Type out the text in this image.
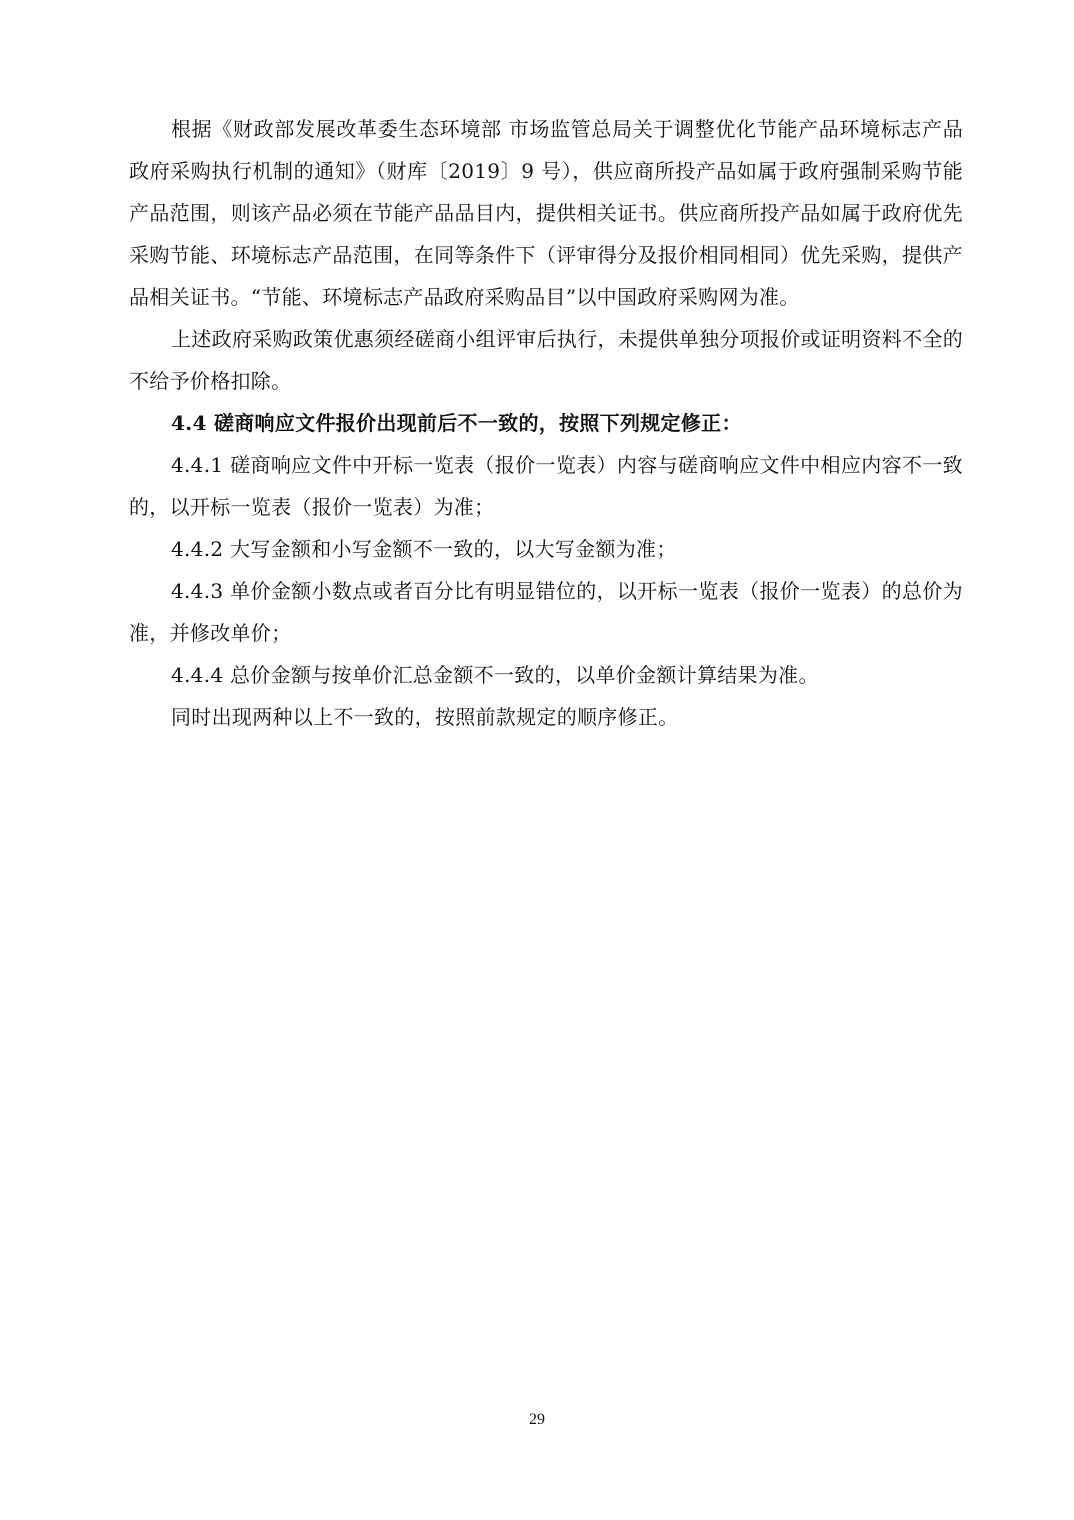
根据《财政部发展改革委生态环境部 市场监管总局关于调整优化节能产品环境标志产品政府采购执行机制的通知》（财库〔2019〕9 号），供应商所投产品如属于政府强制采购节能产品范围，则该产品必须在节能产品品目内，提供相关证书。供应商所投产品如属于政府优先采购节能、环境标志产品范围，在同等条件下（评审得分及报价相同相同）优先采购，提供产品相关证书。“节能、环境标志产品政府采购品目”以中国政府采购网为准。

上述政府采购政策优惠须经磋商小组评审后执行，未提供单独分项报价或证明资料不全的不给予价格扣除。

4.4 磋商响应文件报价出现前后不一致的，按照下列规定修正：

4.4.1 磋商响应文件中开标一览表（报价一览表）内容与磋商响应文件中相应内容不一致的，以开标一览表（报价一览表）为准；

4.4.2 大写金额和小写金额不一致的，以大写金额为准；

4.4.3 单价金额小数点或者百分比有明显错位的，以开标一览表（报价一览表）的总价为准，并修改单价；

4.4.4 总价金额与按单价汇总金额不一致的，以单价金额计算结果为准。

同时出现两种以上不一致的，按照前款规定的顺序修正。

29
